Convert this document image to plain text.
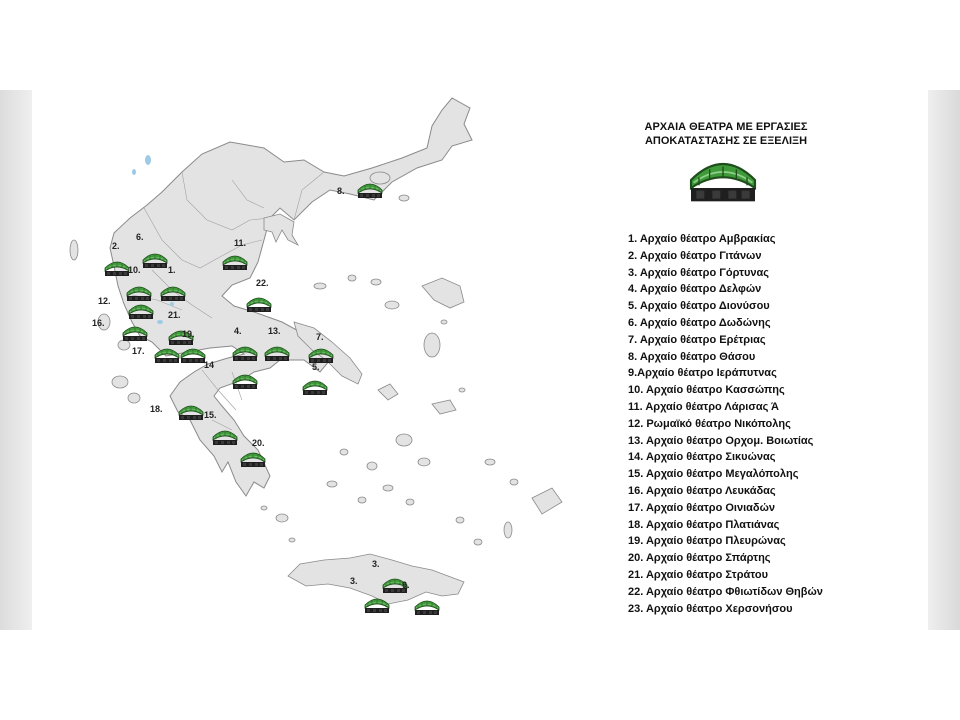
8.
6.
2.	11.
10.	1.
22.
12.
21.
16.
4.	13.
7.
19.
17.
14	5.
18.
15.
20.
3.
3.	9.
ΑΡΧΑΙΑ ΘΕΑΤΡΑ ΜΕ ΕΡΓΑΣΙΕΣ
ΑΠΟΚΑΤΑΣΤΑΣΗΣ ΣΕ ΕΞΕΛΙΞΗ
1. Αρχαίο θέατρο Αμβρακίας
2. Αρχαίο θέατρο Γιτάνων
3. Αρχαίο θέατρο Γόρτυνας
4. Αρχαίο θέατρο Δελφών
5. Αρχαίο θέατρο Διονύσου
6. Αρχαίο θέατρο Δωδώνης
7. Αρχαίο θέατρο Ερέτριας
8. Αρχαίο θέατρο Θάσου
9.Αρχαίο θέατρο Ιεράπυτνας
10. Αρχαίο θέατρο Κασσώπης
11. Αρχαίο θέατρο Λάρισας Ά
12. Ρωμαϊκό θέατρο Νικόπολης
13. Αρχαίο θέατρο Ορχομ. Βοιωτίας
14. Αρχαίο θέατρο Σικυώνας
15. Αρχαίο θέατρο Μεγαλόπολης
16. Αρχαίο θέατρο Λευκάδας
17. Αρχαίο θέατρο Οινιαδών
18. Αρχαίο θέατρο Πλατιάνας
19. Αρχαίο θέατρο Πλευρώνας
20. Αρχαίο θέατρο Σπάρτης
21. Αρχαίο θέατρο Στράτου
22. Αρχαίο θέατρο Φθιωτίδων Θηβών
23. Αρχαίο θέατρο Χερσονήσου
